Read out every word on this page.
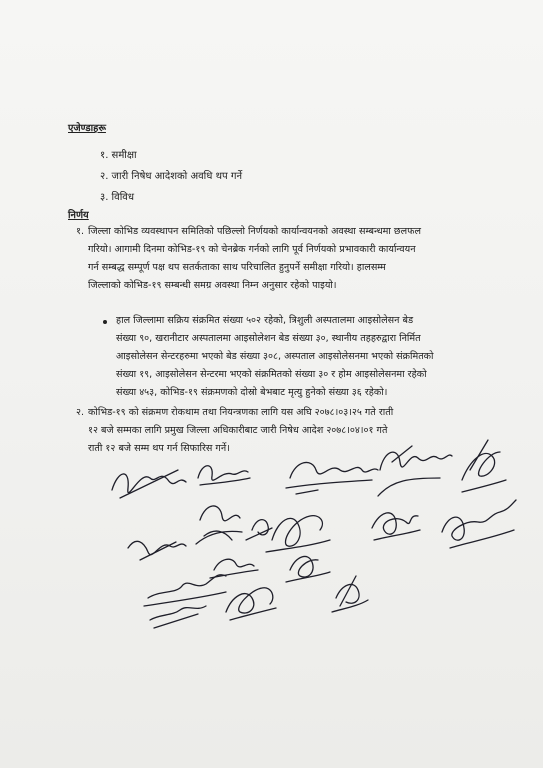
एजेण्डाहरू
१. समीक्षा
२. जारी निषेध आदेशको अवधि थप गर्ने
३. विविध
निर्णय
१. जिल्ला कोभिड व्यवस्थापन समितिको पछिल्लो निर्णयको कार्यान्वयनको अवस्था सम्बन्धमा छलफल
गरियो। आगामी दिनमा कोभिड-१९ को चेनब्रेक गर्नको लागि पूर्व निर्णयको प्रभावकारी कार्यान्वयन
गर्न सम्बद्ध सम्पूर्ण पक्ष थप सतर्कताका साथ परिचालित हुनुपर्ने समीक्षा गरियो। हालसम्म
जिल्लाको कोभिड-१९ सम्बन्धी समग्र अवस्था निम्न अनुसार रहेको पाइयो।
हाल जिल्लामा सक्रिय संक्रमित संख्या ५०२ रहेको, त्रिशुली अस्पतालमा आइसोलेसन बेड
संख्या ९०, खरानीटार अस्पतालमा आइसोलेशन बेड संख्या ३०, स्थानीय तहहरुद्वारा निर्मित
आइसोलेसन सेन्टरहरुमा भएको बेड संख्या ३०८, अस्पताल आइसोलेसनमा भएको संक्रमितको
संख्या १९, आइसोलेसन सेन्टरमा भएको संक्रमितको संख्या ३० र होम आइसोलेसनमा रहेको
संख्या ४५३, कोभिड-१९ संक्रमणको दोस्रो बेभबाट मृत्यु हुनेको संख्या ३६ रहेको।
२. कोभिड-१९ को संक्रमण रोकथाम तथा नियन्त्रणका लागि यस अघि २०७८।०३।२५ गते राती
१२ बजे सम्मका लागि प्रमुख जिल्ला अधिकारीबाट जारी निषेध आदेश २०७८।०४।०१ गते
राती १२ बजे सम्म थप गर्न सिफारिस गर्ने।
